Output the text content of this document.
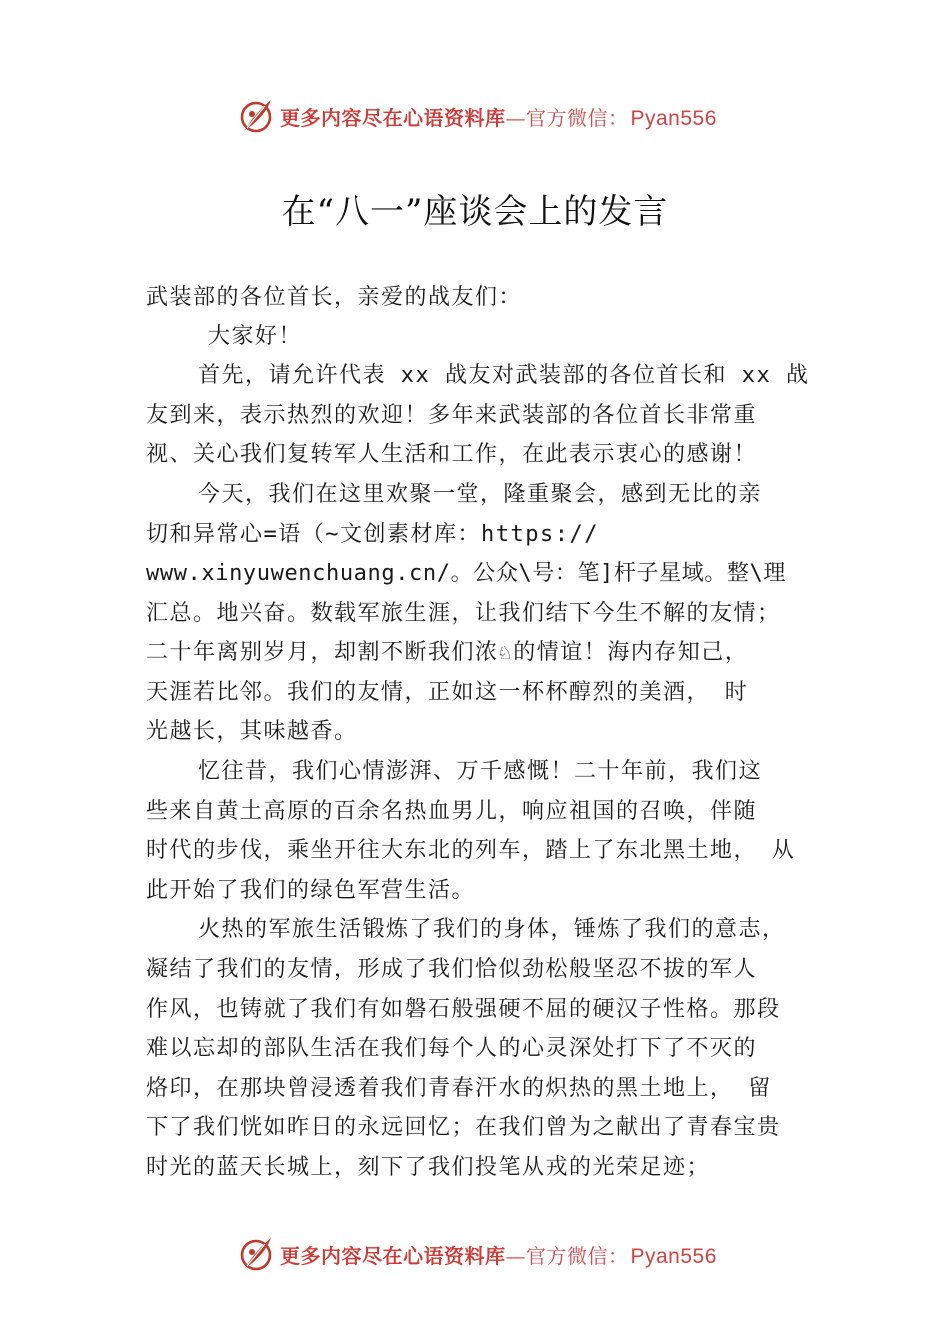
更多内容尽在心语资料库—官方微信：Pyan556
在“八一”座谈会上的发言
武装部的各位首长，亲爱的战友们：
大家好！
首先，请允许代表 xx 战友对武装部的各位首长和 xx 战
友到来，表示热烈的欢迎！多年来武装部的各位首长非常重
视、关心我们复转军人生活和工作，在此表示衷心的感谢！
今天，我们在这里欢聚一堂，隆重聚会，感到无比的亲
切和异常心=语（~文创素材库：https://
www.xinyuwenchuang.cn/。公众\号：笔]杆子星域。整\理
汇总。地兴奋。数载军旅生涯，让我们结下今生不解的友情；
二十年离别岁月，却割不断我们浓♘的情谊！海内存知己，
天涯若比邻。我们的友情，正如这一杯杯醇烈的美酒， 时
光越长，其味越香。
忆往昔，我们心情澎湃、万千感慨！二十年前，我们这
些来自黄土高原的百余名热血男儿，响应祖国的召唤，伴随
时代的步伐，乘坐开往大东北的列车，踏上了东北黑土地， 从
此开始了我们的绿色军营生活。
火热的军旅生活锻炼了我们的身体，锤炼了我们的意志，
凝结了我们的友情，形成了我们恰似劲松般坚忍不拔的军人
作风，也铸就了我们有如磐石般强硬不屈的硬汉子性格。那段
难以忘却的部队生活在我们每个人的心灵深处打下了不灭的
烙印，在那块曾浸透着我们青春汗水的炽热的黑土地上， 留
下了我们恍如昨日的永远回忆；在我们曾为之献出了青春宝贵
时光的蓝天长城上，刻下了我们投笔从戎的光荣足迹；
更多内容尽在心语资料库—官方微信：Pyan556
